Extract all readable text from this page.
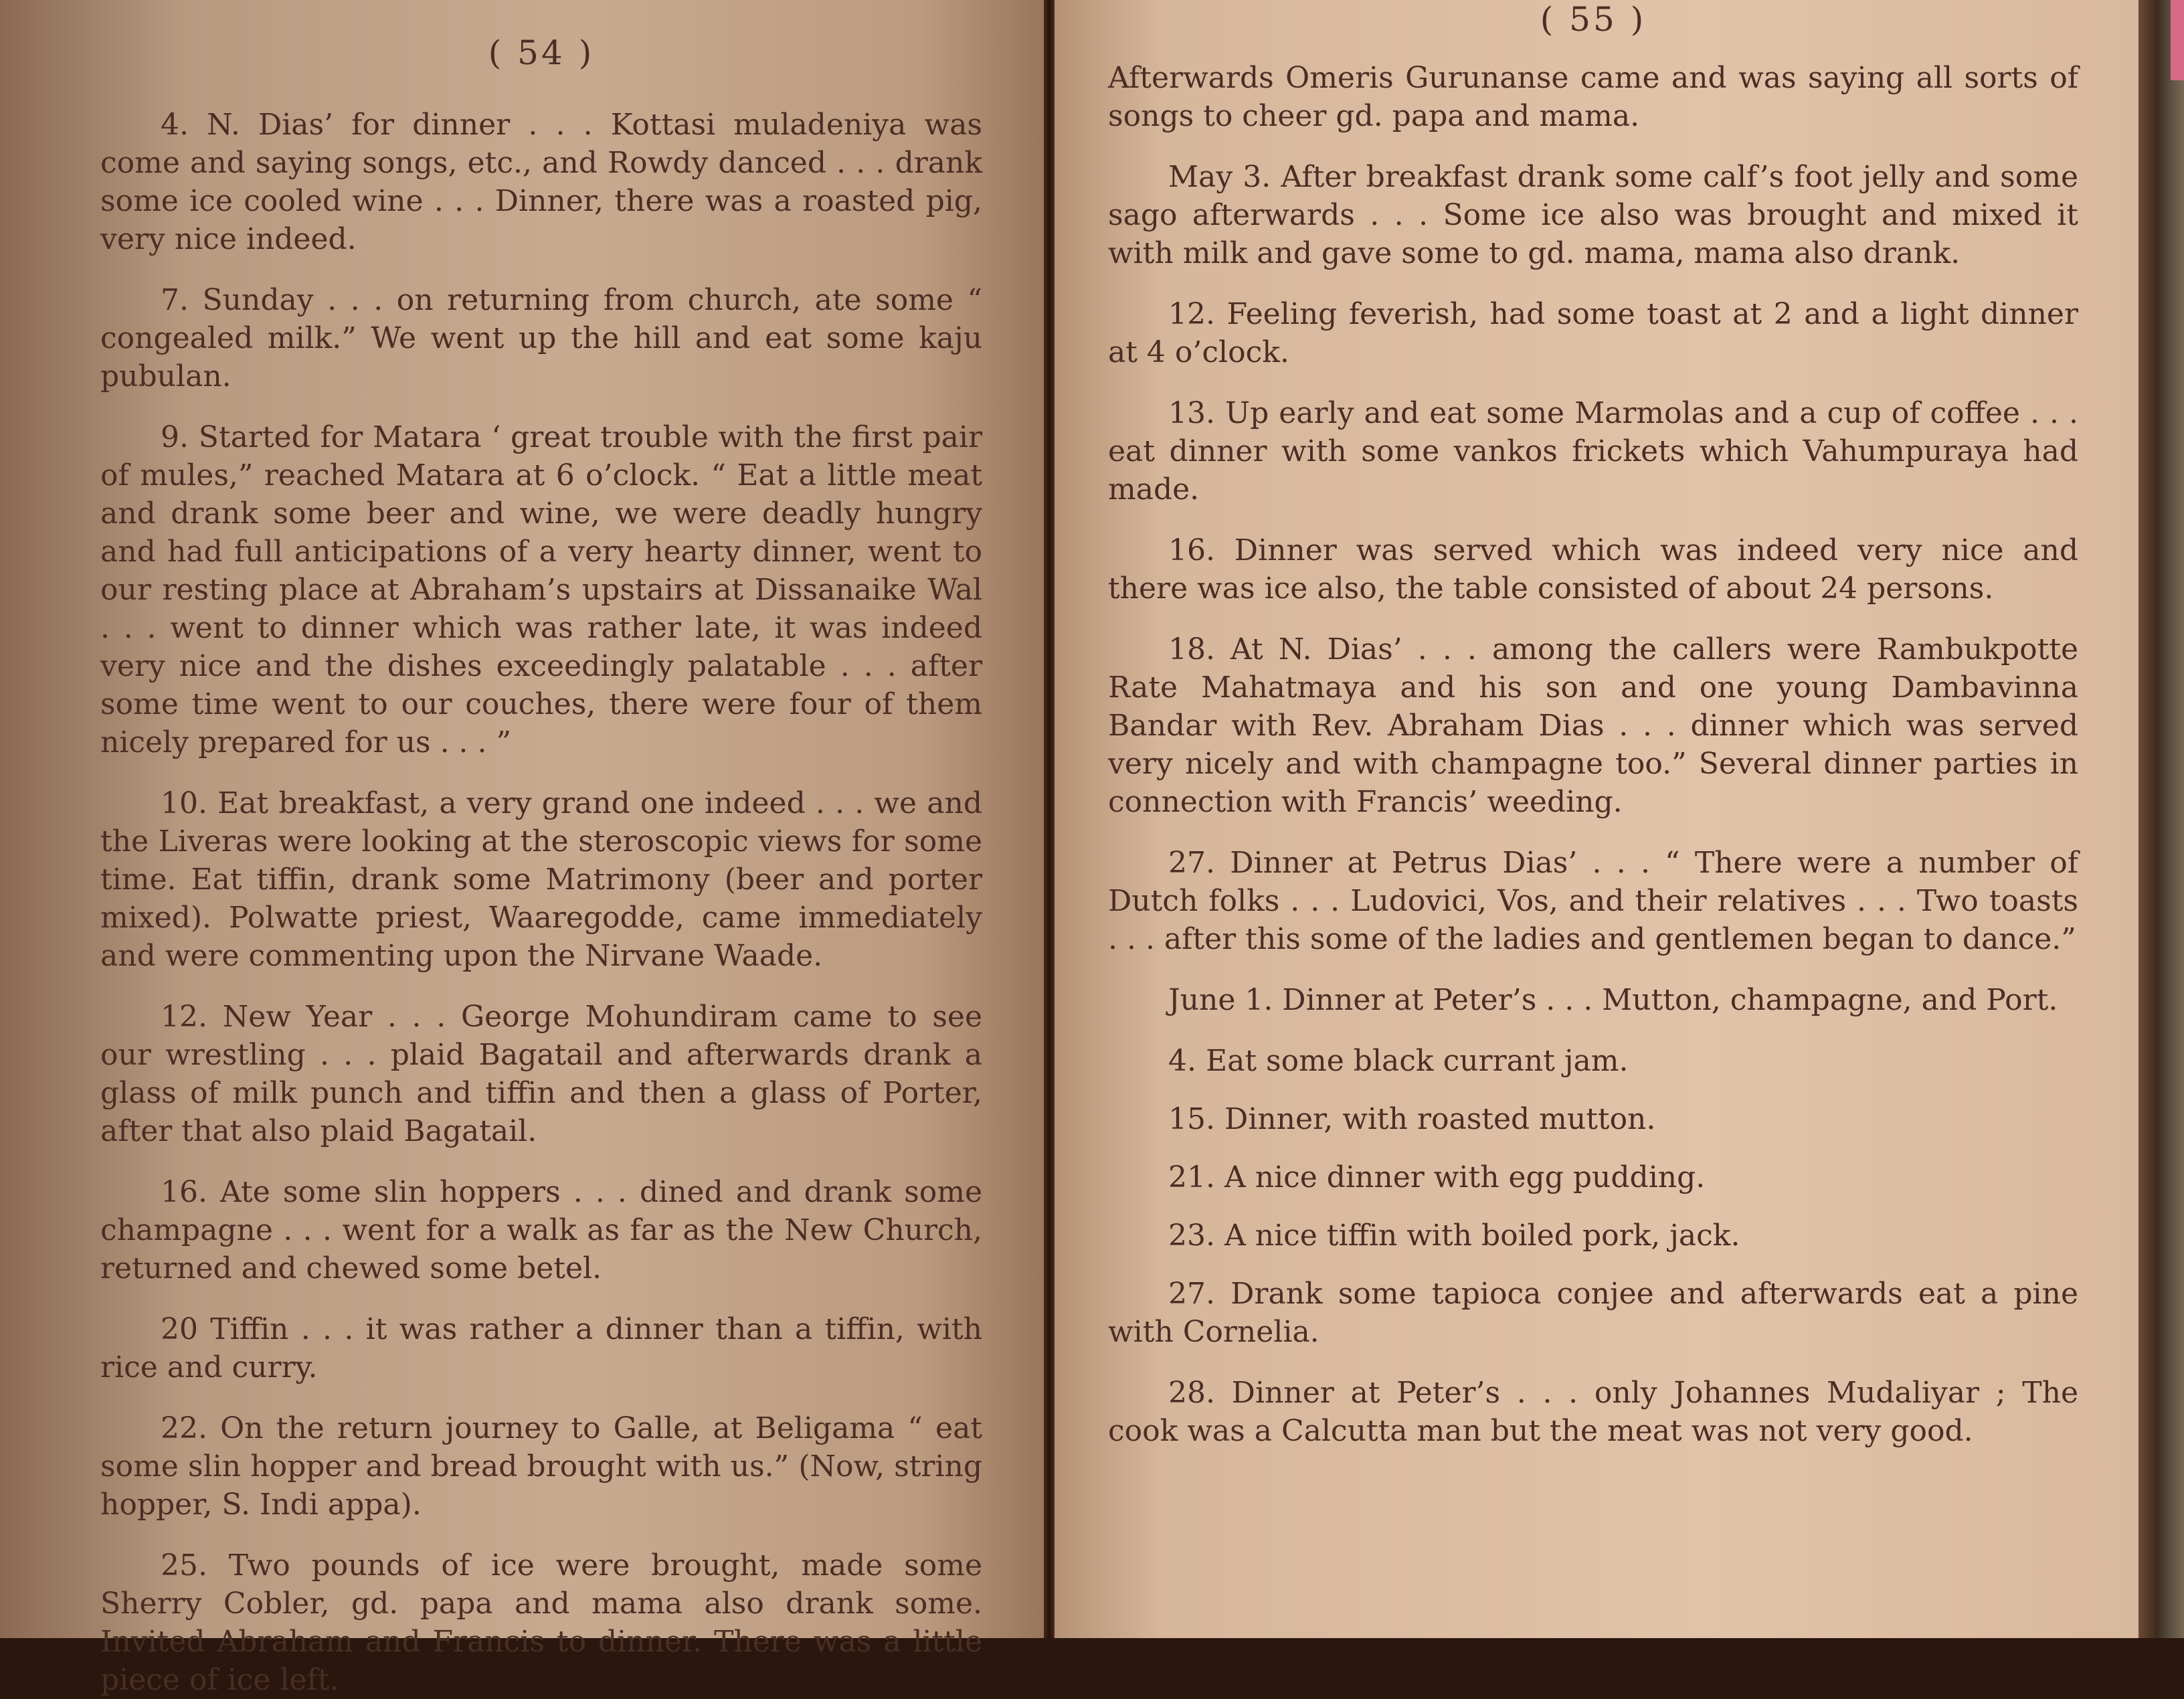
( 54 )

4. N. Dias’ for dinner . . . Kottasi muladeniya was come and saying songs, etc., and Rowdy danced . . . drank some ice cooled wine . . . Dinner, there was a roasted pig, very nice indeed.

7. Sunday . . . on returning from church, ate some “ congealed milk.” We went up the hill and eat some kaju pubulan.

9. Started for Matara ‘ great trouble with the first pair of mules,” reached Matara at 6 o’clock. “ Eat a little meat and drank some beer and wine, we were deadly hungry and had full anticipations of a very hearty dinner, went to our resting place at Abraham’s upstairs at Dissanaike Wal . . . went to dinner which was rather late, it was indeed very nice and the dishes exceedingly palatable . . . after some time went to our couches, there were four of them nicely prepared for us . . . ”

10. Eat breakfast, a very grand one indeed . . . we and the Liveras were looking at the steroscopic views for some time. Eat tiffin, drank some Matrimony (beer and porter mixed). Polwatte priest, Waaregodde, came immediately and were commenting upon the Nirvane Waade.

12. New Year . . . George Mohundiram came to see our wrestling . . . plaid Bagatail and afterwards drank a glass of milk punch and tiffin and then a glass of Porter, after that also plaid Bagatail.

16. Ate some slin hoppers . . . dined and drank some champagne . . . went for a walk as far as the New Church, returned and chewed some betel.

20 Tiffin . . . it was rather a dinner than a tiffin, with rice and curry.

22. On the return journey to Galle, at Beligama “ eat some slin hopper and bread brought with us.” (Now, string hopper, S. Indi appa).

25. Two pounds of ice were brought, made some Sherry Cobler, gd. papa and mama also drank some. Invited Abraham and Francis to dinner. There was a little piece of ice left.

( 55 )

Afterwards Omeris Gurunanse came and was saying all sorts of songs to cheer gd. papa and mama.

May 3. After breakfast drank some calf’s foot jelly and some sago afterwards . . . Some ice also was brought and mixed it with milk and gave some to gd. mama, mama also drank.

12. Feeling feverish, had some toast at 2 and a light dinner at 4 o’clock.

13. Up early and eat some Marmolas and a cup of coffee . . . eat dinner with some vankos frickets which Vahumpuraya had made.

16. Dinner was served which was indeed very nice and there was ice also, the table consisted of about 24 persons.

18. At N. Dias’ . . . among the callers were Rambukpotte Rate Mahatmaya and his son and one young Dambavinna Bandar with Rev. Abraham Dias . . . dinner which was served very nicely and with champagne too.” Several dinner parties in connection with Francis’ weeding.

27. Dinner at Petrus Dias’ . . . “ There were a number of Dutch folks . . . Ludovici, Vos, and their relatives . . . Two toasts . . . after this some of the ladies and gentlemen began to dance.”

June 1. Dinner at Peter’s . . . Mutton, champagne, and Port.

4. Eat some black currant jam.

15. Dinner, with roasted mutton.

21. A nice dinner with egg pudding.

23. A nice tiffin with boiled pork, jack.

27. Drank some tapioca conjee and afterwards eat a pine with Cornelia.

28. Dinner at Peter’s . . . only Johannes Mudaliyar ; The cook was a Calcutta man but the meat was not very good.
